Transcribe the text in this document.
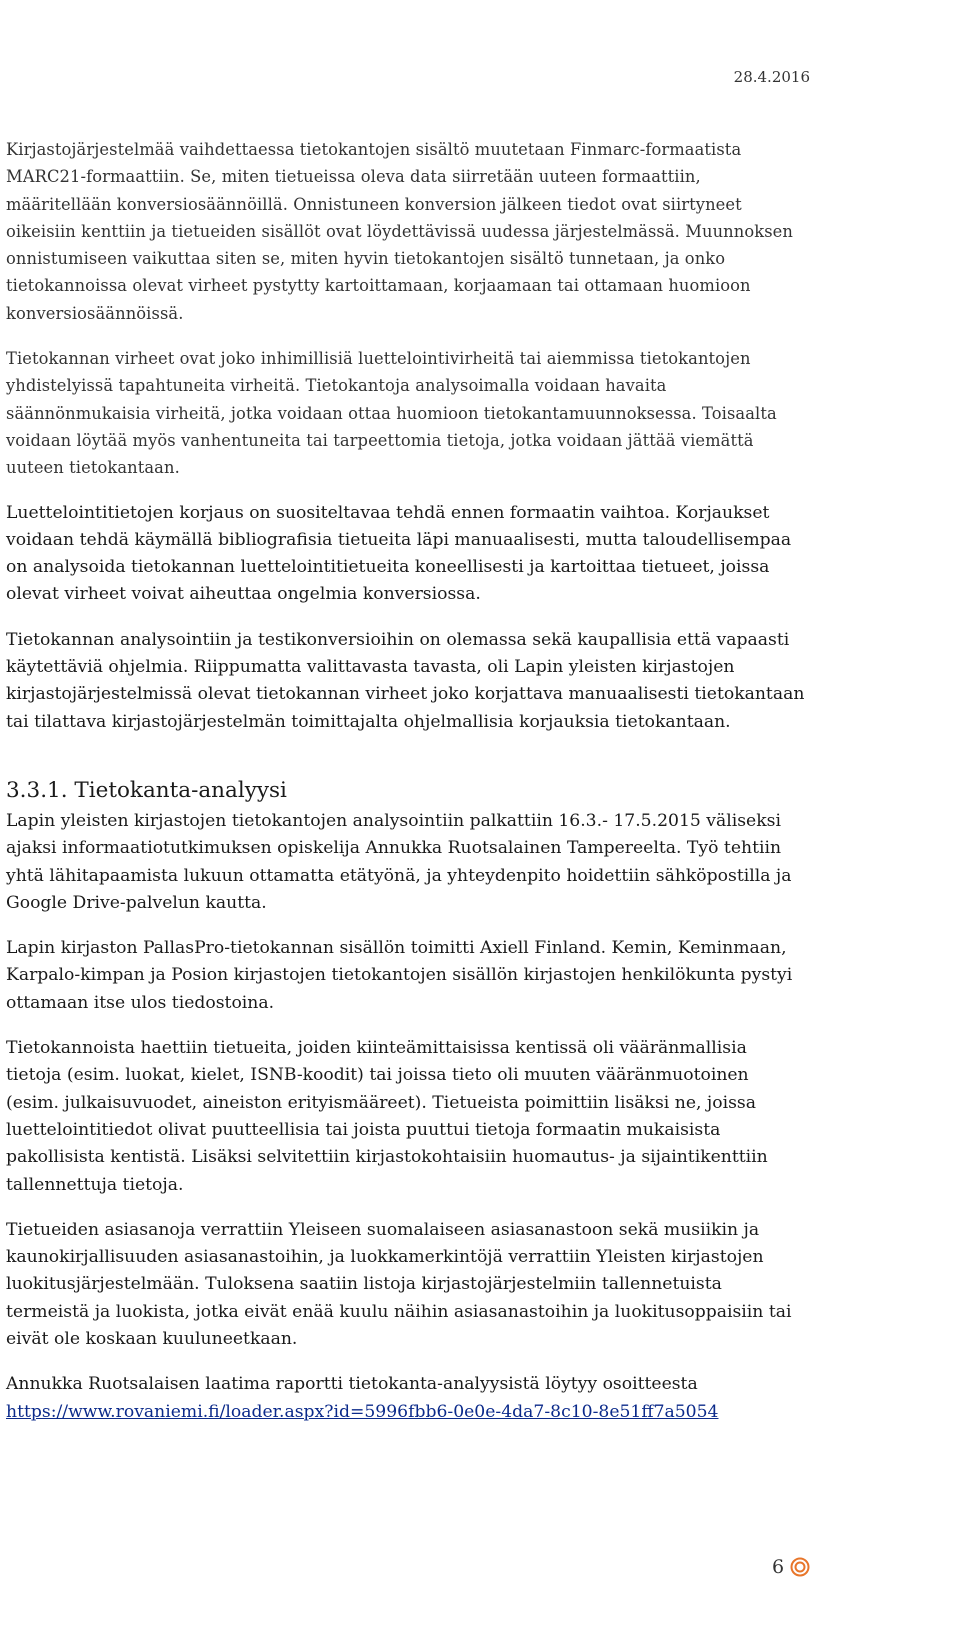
28.4.2016

Kirjastojärjestelmää vaihdettaessa tietokantojen sisältö muutetaan Finmarc-formaatista MARC21-formaattiin. Se, miten tietueissa oleva data siirretään uuteen formaattiin, määritellään konversiosäännöillä. Onnistuneen konversion jälkeen tiedot ovat siirtyneet oikeisiin kenttiin ja tietueiden sisällöt ovat löydettävissä uudessa järjestelmässä. Muunnoksen onnistumiseen vaikuttaa siten se, miten hyvin tietokantojen sisältö tunnetaan, ja onko tietokannoissa olevat virheet pystytty kartoittamaan, korjaamaan tai ottamaan huomioon konversiosäännöissä.

Tietokannan virheet ovat joko inhimillisiä luettelointivirheitä tai aiemmissa tietokantojen yhdistelyissä tapahtuneita virheitä. Tietokantoja analysoimalla voidaan havaita säännönmukaisia virheitä, jotka voidaan ottaa huomioon tietokantamuunnoksessa. Toisaalta voidaan löytää myös vanhentuneita tai tarpeettomia tietoja, jotka voidaan jättää viemättä uuteen tietokantaan.

Luettelointitietojen korjaus on suositeltavaa tehdä ennen formaatin vaihtoa. Korjaukset voidaan tehdä käymällä bibliografisia tietueita läpi manuaalisesti, mutta taloudellisempaa on analysoida tietokannan luettelointitietueita koneellisesti ja kartoittaa tietueet, joissa olevat virheet voivat aiheuttaa ongelmia konversiossa.

Tietokannan analysointiin ja testikonversioihin on olemassa sekä kaupallisia että vapaasti käytettäviä ohjelmia. Riippumatta valittavasta tavasta, oli Lapin yleisten kirjastojen kirjastojärjestelmissä olevat tietokannan virheet joko korjattava manuaalisesti tietokantaan tai tilattava kirjastojärjestelmän toimittajalta ohjelmallisia korjauksia tietokantaan.

3.3.1. Tietokanta-analyysi

Lapin yleisten kirjastojen tietokantojen analysointiin palkattiin 16.3.- 17.5.2015 väliseksi ajaksi informaatiotutkimuksen opiskelija Annukka Ruotsalainen Tampereelta. Työ tehtiin yhtä lähitapaamista lukuun ottamatta etätyönä, ja yhteydenpito hoidettiin sähköpostilla ja Google Drive-palvelun kautta.

Lapin kirjaston PallasPro-tietokannan sisällön toimitti Axiell Finland. Kemin, Keminmaan, Karpalo-kimpan ja Posion kirjastojen tietokantojen sisällön kirjastojen henkilökunta pystyi ottamaan itse ulos tiedostoina.

Tietokannoista haettiin tietueita, joiden kiinteämittaisissa kentissä oli vääränmallisia tietoja (esim. luokat, kielet, ISNB-koodit) tai joissa tieto oli muuten vääränmuotoinen (esim. julkaisuvuodet, aineiston erityismääreet). Tietueista poimittiin lisäksi ne, joissa luettelointitiedot olivat puutteellisia tai joista puuttui tietoja formaatin mukaisista pakollisista kentistä. Lisäksi selvitettiin kirjastokohtaisiin huomautus- ja sijaintikenttiin tallennettuja tietoja.

Tietueiden asiasanoja verrattiin Yleiseen suomalaiseen asiasanastoon sekä musiikin ja kaunokirjallisuuden asiasanastoihin, ja luokkamerkintöjä verrattiin Yleisten kirjastojen luokitusjärjestelmään. Tuloksena saatiin listoja kirjastojärjestelmiin tallennetuista termeistä ja luokista, jotka eivät enää kuulu näihin asiasanastoihin ja luokitusoppaisiin tai eivät ole koskaan kuuluneetkaan.

Annukka Ruotsalaisen laatima raportti tietokanta-analyysistä löytyy osoitteesta
https://www.rovaniemi.fi/loader.aspx?id=5996fbb6-0e0e-4da7-8c10-8e51ff7a5054

6
